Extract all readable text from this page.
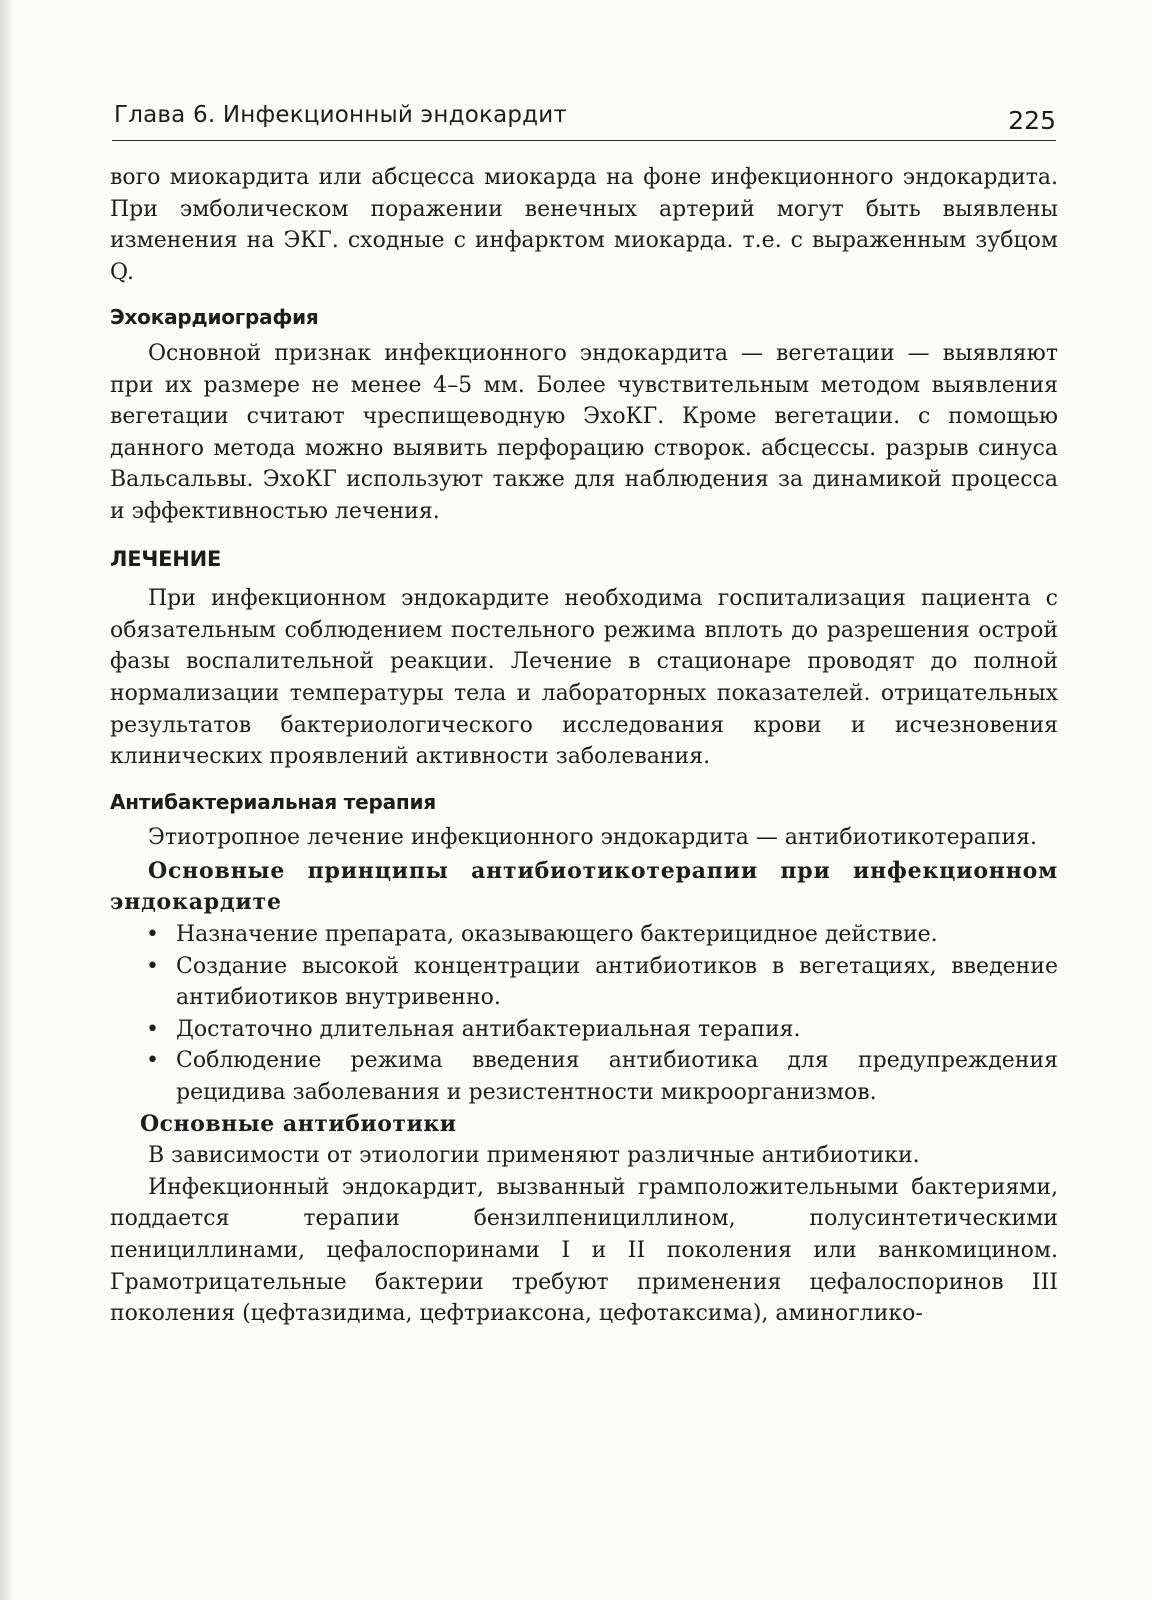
Глава 6. Инфекционный эндокардит	225

вого миокардита или абсцесса миокарда на фоне инфекционного эндокардита. При эмболическом поражении венечных артерий могут быть выявлены изменения на ЭКГ. сходные с инфарктом миокарда. т.е. с выраженным зубцом Q.

Эхокардиография

Основной признак инфекционного эндокардита — вегетации — выявляют при их размере не менее 4–5 мм. Более чувствительным методом выявления вегетации считают чреспищеводную ЭхоКГ. Кроме вегетации. с помощью данного метода можно выявить перфорацию створок. абсцессы. разрыв синуса Вальсальвы. ЭхоКГ используют также для наблюдения за динамикой процесса и эффективностью лечения.

ЛЕЧЕНИЕ

При инфекционном эндокардите необходима госпитализация пациента с обязательным соблюдением постельного режима вплоть до разрешения острой фазы воспалительной реакции. Лечение в стационаре проводят до полной нормализации температуры тела и лабораторных показателей. отрицательных результатов бактериологического исследования крови и исчезновения клинических проявлений активности заболевания.

Антибактериальная терапия

Этиотропное лечение инфекционного эндокардита — антибиотикотерапия.

Основные принципы антибиотикотерапии при инфекционном эндокардите
• Назначение препарата, оказывающего бактерицидное действие.
• Создание высокой концентрации антибиотиков в вегетациях, введение антибиотиков внутривенно.
• Достаточно длительная антибактериальная терапия.
• Соблюдение режима введения антибиотика для предупреждения рецидива заболевания и резистентности микроорганизмов.
Основные антибиотики

В зависимости от этиологии применяют различные антибиотики.

Инфекционный эндокардит, вызванный грамположительными бактериями, поддается терапии бензилпенициллином, полусинтетическими пенициллинами, цефалоспоринами I и II поколения или ванкомицином. Грамотрицательные бактерии требуют применения цефалоспоринов III поколения (цефтазидима, цефтриаксона, цефотаксима), аминоглико-
